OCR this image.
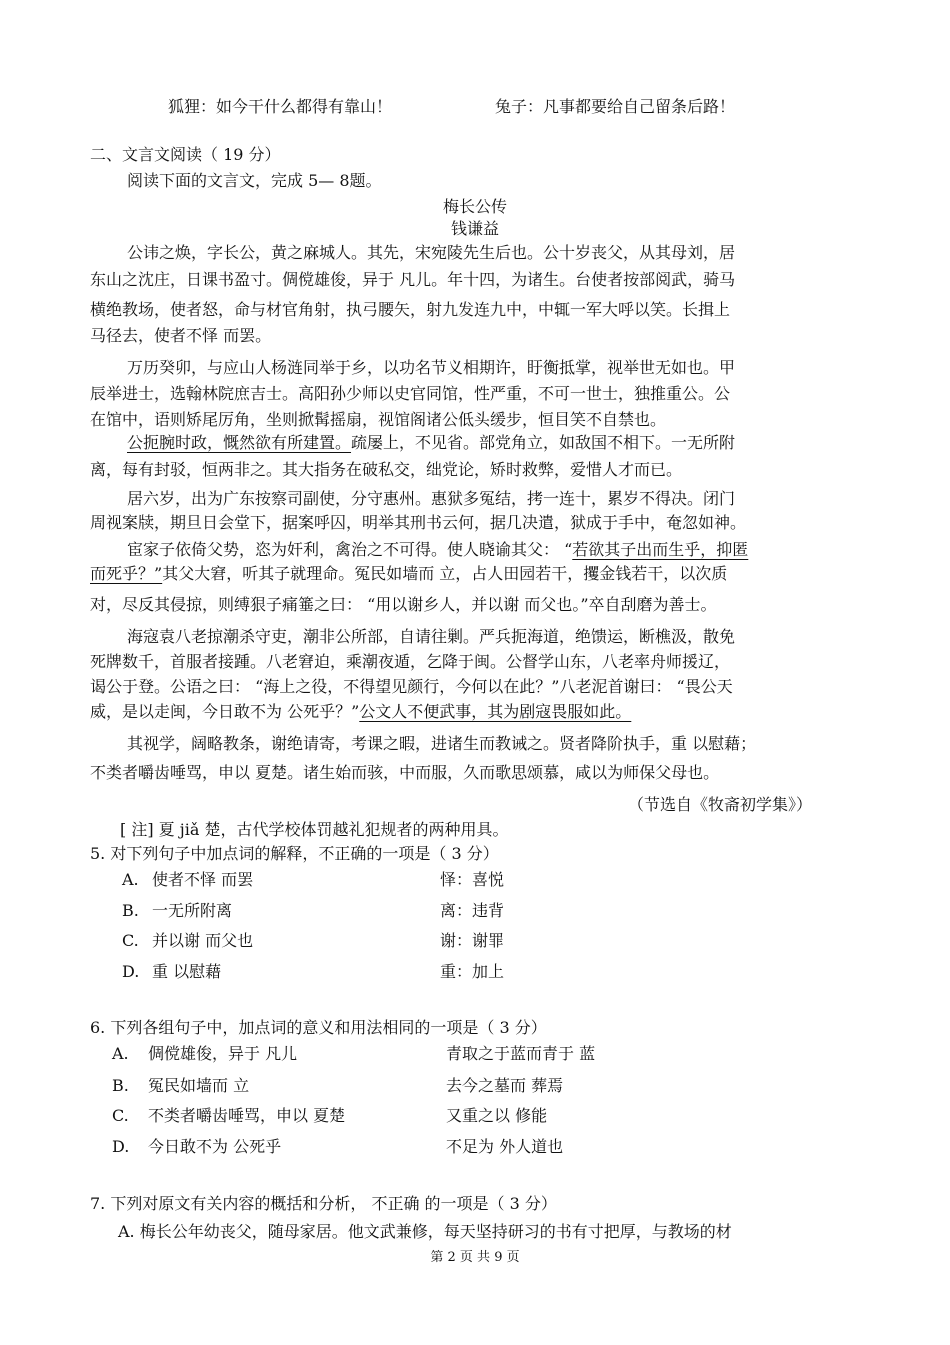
狐狸：如今干什么都得有靠山！	兔子：凡事都要给自己留条后路！
二、文言文阅读（ 19 分）
阅读下面的文言文，完成 5— 8题。
梅长公传
钱谦益
公讳之焕，字长公，黄之麻城人。其先，宋宛陵先生后也。公十岁丧父，从其母刘，居
东山之沈庄，日课书盈寸。倜傥雄俊，异于 凡儿。年十四，为诸生。台使者按部阅武，骑马
横绝教场，使者怒，命与材官角射，执弓腰矢，射九发连九中，中辄一军大呼以笑。长揖上
马径去，使者不怿 而罢。
万历癸卯，与应山人杨涟同举于乡，以功名节义相期许，盱衡抵掌，视举世无如也。甲
辰举进士，选翰林院庶吉士。高阳孙少师以史官同馆，性严重，不可一世士，独推重公。公
在馆中，语则矫尾厉角，坐则掀髯摇扇，视馆阁诸公低头缓步，恒目笑不自禁也。
公扼腕时政，慨然欲有所建置。疏屡上，不见省。部党角立，如敌国不相下。一无所附
离，每有封驳，恒两非之。其大指务在破私交，绌党论，矫时救弊，爱惜人才而已。
居六岁，出为广东按察司副使，分守惠州。惠狱多冤结，拷一连十，累岁不得决。闭门
周视案牍，期旦日会堂下，据案呼囚，明举其刑书云何，据几决遣，狱成于手中，奄忽如神。
宦家子依倚父势，恣为奸利，禽治之不可得。使人晓谕其父： “若欲其子出而生乎，抑匿
而死乎？”其父大窘，听其子就理命。冤民如墙而 立，占人田园若干，攫金钱若干，以次质
对，尽反其侵掠，则缚狠子痛箠之曰： “用以谢乡人，并以谢 而父也。”卒自刮磨为善士。
海寇袁八老掠潮杀守吏，潮非公所部，自请往剿。严兵扼海道，绝馈运，断樵汲，散免
死牌数千，首服者接踵。八老窘迫，乘潮夜遁，乞降于闽。公督学山东，八老率舟师援辽，
谒公于登。公语之曰： “海上之役，不得望见颜行，今何以在此？”八老泥首谢曰： “畏公天
威，是以走闽，今日敢不为 公死乎？”公文人不便武事，其为剧寇畏服如此。
其视学，阔略教条，谢绝请寄，考课之暇，进诸生而教诫之。贤者降阶执手，重 以慰藉；
不类者嚼齿唾骂，申以 夏楚。诸生始而骇，中而服，久而歌思颂慕，咸以为师保父母也。
（节选自《牧斋初学集》）
[ 注] 夏 jiǎ 楚，古代学校体罚越礼犯规者的两种用具。
5. 对下列句子中加点词的解释，不正确的一项是（ 3 分）
A. 使者不怿 而罢	怿：喜悦
B. 一无所附离	离：违背
C. 并以谢 而父也	谢：谢罪
D. 重 以慰藉	重：加上
6. 下列各组句子中，加点词的意义和用法相同的一项是（ 3 分）
A. 倜傥雄俊，异于 凡儿	青取之于蓝而青于 蓝
B. 冤民如墙而 立	去今之墓而 葬焉
C. 不类者嚼齿唾骂，申以 夏楚	又重之以 修能
D. 今日敢不为 公死乎	不足为 外人道也
7. 下列对原文有关内容的概括和分析， 不正确 的一项是（ 3 分）
A. 梅长公年幼丧父，随母家居。他文武兼修，每天坚持研习的书有寸把厚，与教场的材
第 2 页 共 9 页
